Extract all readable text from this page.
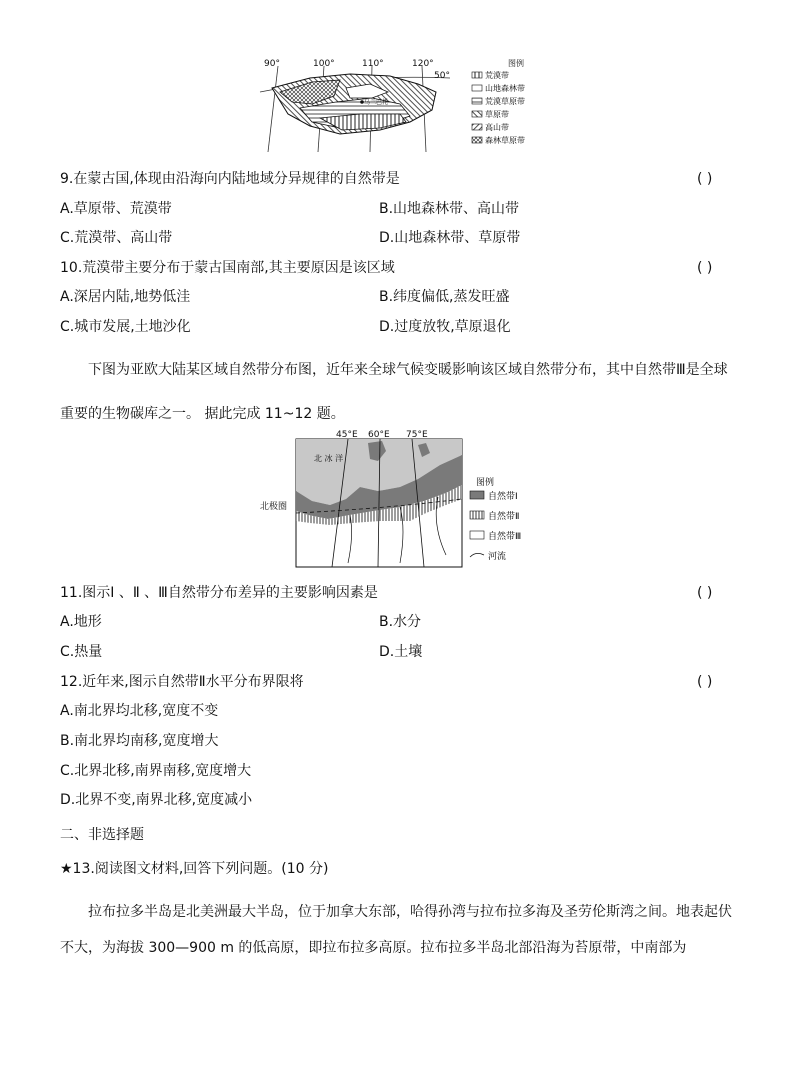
90°	100°	110°	120°
50°
乌兰巴托
图例
荒漠带
山地森林带
荒漠草原带
草原带
高山带
森林草原带
9.在蒙古国,体现由沿海向内陆地域分异规律的自然带是	( )
A.草原带、荒漠带	B.山地森林带、高山带
C.荒漠带、高山带	D.山地森林带、草原带
10.荒漠带主要分布于蒙古国南部,其主要原因是该区域	( )
A.深居内陆,地势低洼	B.纬度偏低,蒸发旺盛
C.城市发展,土地沙化	D.过度放牧,草原退化
下图为亚欧大陆某区域自然带分布图，近年来全球气候变暖影响该区域自然带分布，其中自然带Ⅲ是全球重要的生物碳库之一。 据此完成 11~12 题。
45°E 60°E 75°E
北 冰 洋
北极圈
图例
自然带Ⅰ
自然带Ⅱ
自然带Ⅲ
河流
11.图示Ⅰ 、Ⅱ 、Ⅲ自然带分布差异的主要影响因素是	( )
A.地形	B.水分
C.热量	D.土壤
12.近年来,图示自然带Ⅱ水平分布界限将	( )
A.南北界均北移,宽度不变
B.南北界均南移,宽度增大
C.北界北移,南界南移,宽度增大
D.北界不变,南界北移,宽度减小
二、非选择题
★13.阅读图文材料,回答下列问题。(10 分)
拉布拉多半岛是北美洲最大半岛，位于加拿大东部，哈得孙湾与拉布拉多海及圣劳伦斯湾之间。地表起伏不大，为海拔 300—900 m 的低高原，即拉布拉多高原。拉布拉多半岛北部沿海为苔原带，中南部为
